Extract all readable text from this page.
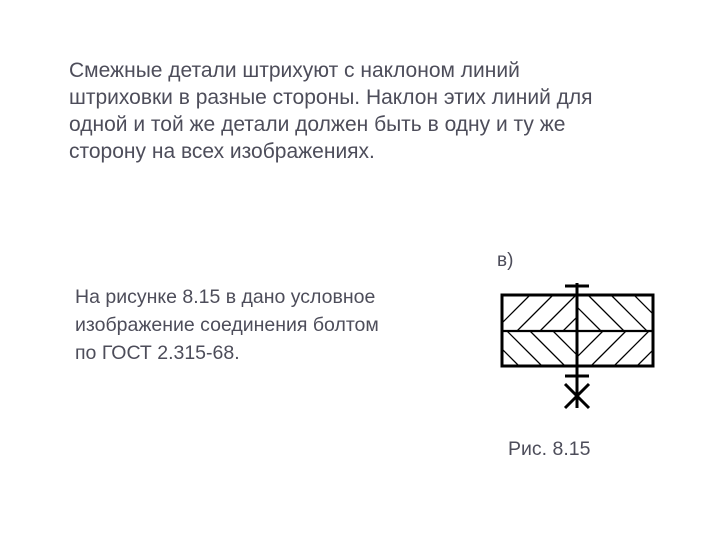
Смежные детали штрихуют с наклоном линий
штриховки в разные стороны. Наклон этих линий для
одной и той же детали должен быть в одну и ту же
сторону на всех изображениях.
На рисунке 8.15 в дано условное
изображение соединения болтом
по ГОСТ 2.315-68.
в)
Рис. 8.15
